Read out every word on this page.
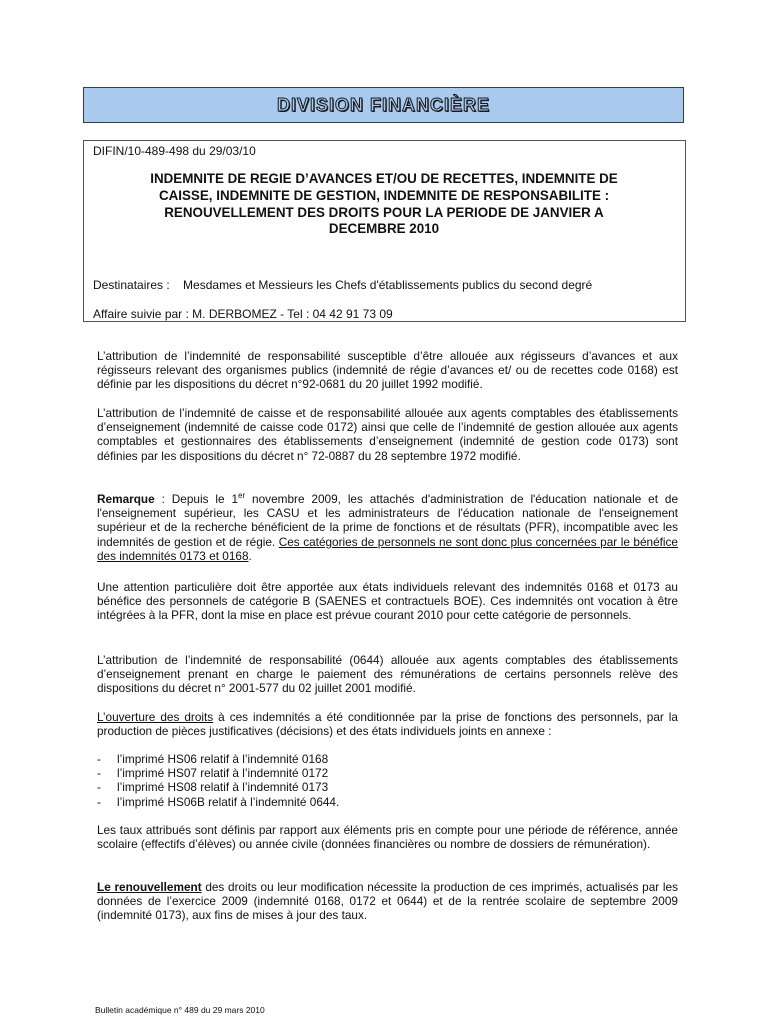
DIVISION FINANCIÈRE
DIFIN/10-489-498 du 29/03/10
INDEMNITE DE REGIE D’AVANCES ET/OU DE RECETTES, INDEMNITE DE
CAISSE, INDEMNITE DE GESTION, INDEMNITE DE RESPONSABILITE :
RENOUVELLEMENT DES DROITS POUR LA PERIODE DE JANVIER A
DECEMBRE 2010
Destinataires : Mesdames et Messieurs les Chefs d'établissements publics du second degré
Affaire suivie par : M. DERBOMEZ - Tel : 04 42 91 73 09

L’attribution de l’indemnité de responsabilité susceptible d’être allouée aux régisseurs d’avances et aux régisseurs relevant des organismes publics (indemnité de régie d’avances et/ ou de recettes code 0168) est définie par les dispositions du décret n°92-0681 du 20 juillet 1992 modifié.

L’attribution de l’indemnité de caisse et de responsabilité allouée aux agents comptables des établissements d’enseignement (indemnité de caisse code 0172) ainsi que celle de l’indemnité de gestion allouée aux agents comptables et gestionnaires des établissements d’enseignement (indemnité de gestion code 0173) sont définies par les dispositions du décret n° 72-0887 du 28 septembre 1972 modifié.

Remarque : Depuis le 1er novembre 2009, les attachés d'administration de l'éducation nationale et de l'enseignement supérieur, les CASU et les administrateurs de l'éducation nationale de l'enseignement supérieur et de la recherche bénéficient de la prime de fonctions et de résultats (PFR), incompatible avec les indemnités de gestion et de régie. Ces catégories de personnels ne sont donc plus concernées par le bénéfice des indemnités 0173 et 0168.

Une attention particulière doit être apportée aux états individuels relevant des indemnités 0168 et 0173 au bénéfice des personnels de catégorie B (SAENES et contractuels BOE). Ces indemnités ont vocation à être intégrées à la PFR, dont la mise en place est prévue courant 2010 pour cette catégorie de personnels.

L’attribution de l’indemnité de responsabilité (0644) allouée aux agents comptables des établissements d’enseignement prenant en charge le paiement des rémunérations de certains personnels relève des dispositions du décret n° 2001-577 du 02 juillet 2001 modifié.

L’ouverture des droits à ces indemnités a été conditionnée par la prise de fonctions des personnels, par la production de pièces justificatives (décisions) et des états individuels joints en annexe :

- l’imprimé HS06 relatif à l’indemnité 0168
- l’imprimé HS07 relatif à l’indemnité 0172
- l’imprimé HS08 relatif à l’indemnité 0173
- l’imprimé HS06B relatif à l’indemnité 0644.

Les taux attribués sont définis par rapport aux éléments pris en compte pour une période de référence, année scolaire (effectifs d’élèves) ou année civile (données financières ou nombre de dossiers de rémunération).

Le renouvellement des droits ou leur modification nécessite la production de ces imprimés, actualisés par les données de l’exercice 2009 (indemnité 0168, 0172 et 0644) et de la rentrée scolaire de septembre 2009 (indemnité 0173), aux fins de mises à jour des taux.

Bulletin académique n° 489 du 29 mars 2010
